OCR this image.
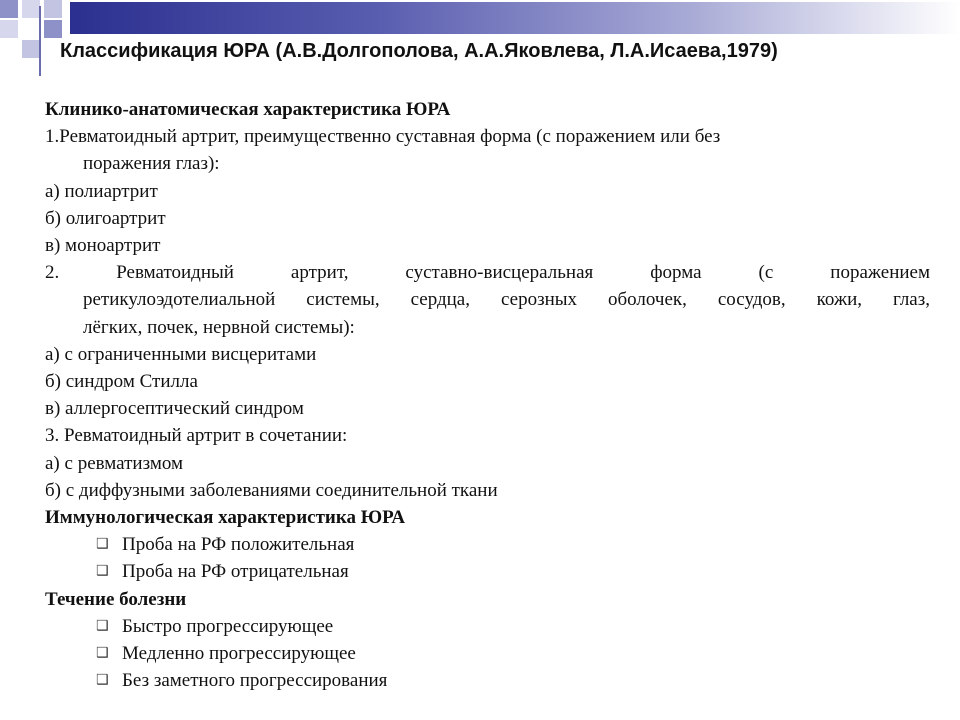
Классификация ЮРА (А.В.Долгополова, А.А.Яковлева, Л.А.Исаева,1979)
Клинико-анатомическая характеристика ЮРА
1.Ревматоидный артрит, преимущественно суставная форма (с поражением или без
поражения глаз):
а) полиартрит
б) олигоартрит
в) моноартрит
2. Ревматоидный артрит, суставно-висцеральная форма (с поражением
ретикулоэдотелиальной системы, сердца, серозных оболочек, сосудов, кожи, глаз,
лёгких, почек, нервной системы):
а) с ограниченными висцеритами
б) синдром Стилла
в) аллергосептический синдром
3. Ревматоидный артрит в сочетании:
а) с ревматизмом
б) с диффузными заболеваниями соединительной ткани
Иммунологическая характеристика ЮРА
❑ Проба на РФ положительная
❑ Проба на РФ отрицательная
Течение болезни
❑ Быстро прогрессирующее
❑ Медленно прогрессирующее
❑ Без заметного прогрессирования
